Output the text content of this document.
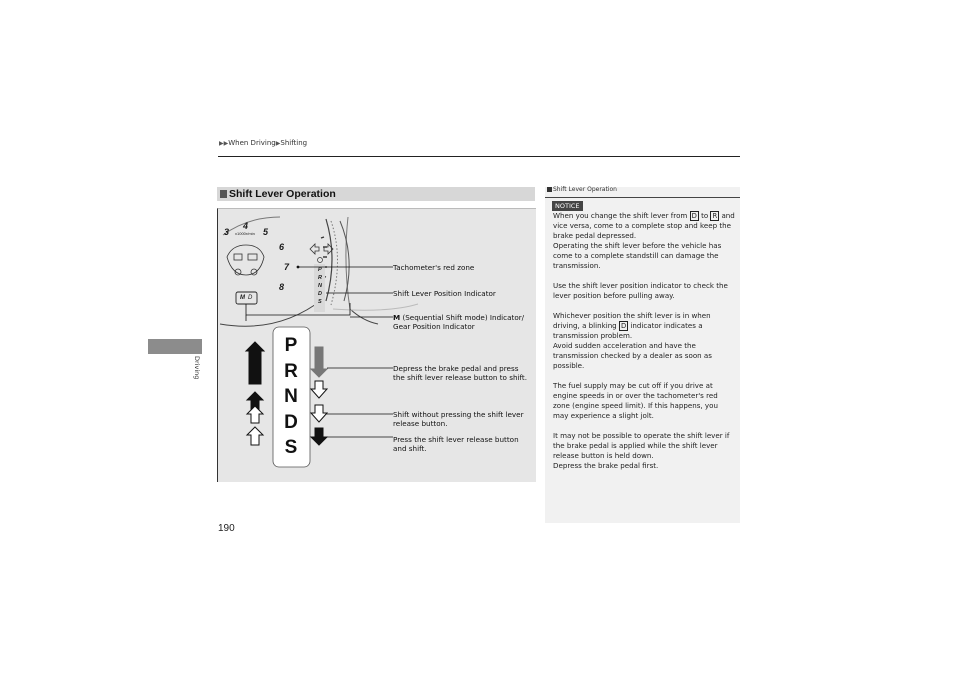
▶▶When Driving▶Shifting
Driving
190
Shift Lever Operation
3
4
x1000r/min 5
6
7
8
M D
P
R
N
D
S
P
R
N
D
S
Tachometer's red zone
Shift Lever Position Indicator
M (Sequential Shift mode) Indicator/
Gear Position Indicator
Depress the brake pedal and press
the shift lever release button to shift.
Shift without pressing the shift lever
release button.
Press the shift lever release button
and shift.
Shift Lever Operation
NOTICE

When you change the shift lever from D to R and vice versa, come to a complete stop and keep the brake pedal depressed.
Operating the shift lever before the vehicle has come to a complete standstill can damage the transmission.

Use the shift lever position indicator to check the lever position before pulling away.

Whichever position the shift lever is in when driving, a blinking D indicator indicates a transmission problem.
Avoid sudden acceleration and have the transmission checked by a dealer as soon as possible.

The fuel supply may be cut off if you drive at engine speeds in or over the tachometer's red zone (engine speed limit). If this happens, you may experience a slight jolt.

It may not be possible to operate the shift lever if the brake pedal is applied while the shift lever release button is held down.
Depress the brake pedal first.
